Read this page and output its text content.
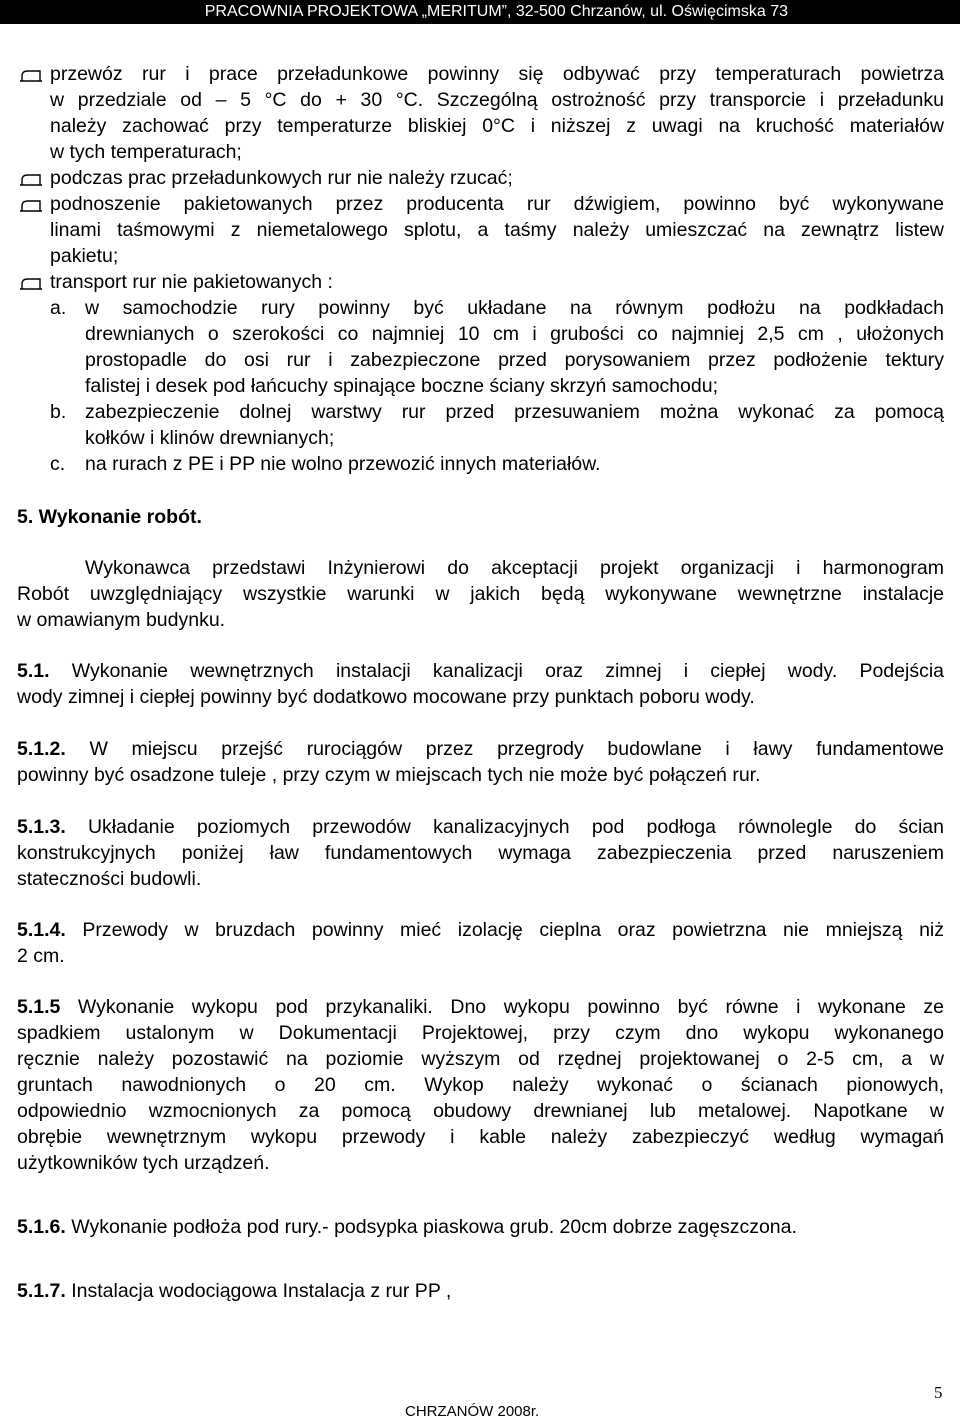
PRACOWNIA PROJEKTOWA „MERITUM”, 32-500 Chrzanów, ul. Oświęcimska 73
przewóz rur i prace przeładunkowe powinny się odbywać przy temperaturach powietrza
w przedziale od – 5 °C do + 30 °C. Szczególną ostrożność przy transporcie i przeładunku
należy zachować przy temperaturze bliskiej 0°C i niższej z uwagi na kruchość materiałów
w tych temperaturach;
podczas prac przeładunkowych rur nie należy rzucać;
podnoszenie pakietowanych przez producenta rur dźwigiem, powinno być wykonywane
linami taśmowymi z niemetalowego splotu, a taśmy należy umieszczać na zewnątrz listew
pakietu;
transport rur nie pakietowanych :
a. w samochodzie rury powinny być układane na równym podłożu na podkładach
drewnianych o szerokości co najmniej 10 cm i grubości co najmniej 2,5 cm , ułożonych
prostopadle do osi rur i zabezpieczone przed porysowaniem przez podłożenie tektury
falistej i desek pod łańcuchy spinające boczne ściany skrzyń samochodu;
b. zabezpieczenie dolnej warstwy rur przed przesuwaniem można wykonać za pomocą
kołków i klinów drewnianych;
c. na rurach z PE i PP nie wolno przewozić innych materiałów.
5. Wykonanie robót.
Wykonawca przedstawi Inżynierowi do akceptacji projekt organizacji i harmonogram
Robót uwzględniający wszystkie warunki w jakich będą wykonywane wewnętrzne instalacje
w omawianym budynku.
5.1. Wykonanie wewnętrznych instalacji kanalizacji oraz zimnej i ciepłej wody. Podejścia
wody zimnej i ciepłej powinny być dodatkowo mocowane przy punktach poboru wody.
5.1.2. W miejscu przejść rurociągów przez przegrody budowlane i ławy fundamentowe
powinny być osadzone tuleje , przy czym w miejscach tych nie może być połączeń rur.
5.1.3. Układanie poziomych przewodów kanalizacyjnych pod podłoga równolegle do ścian
konstrukcyjnych poniżej ław fundamentowych wymaga zabezpieczenia przed naruszeniem
stateczności budowli.
5.1.4. Przewody w bruzdach powinny mieć izolację cieplna oraz powietrzna nie mniejszą niż
2 cm.
5.1.5 Wykonanie wykopu pod przykanaliki. Dno wykopu powinno być równe i wykonane ze
spadkiem ustalonym w Dokumentacji Projektowej, przy czym dno wykopu wykonanego
ręcznie należy pozostawić na poziomie wyższym od rzędnej projektowanej o 2-5 cm, a w
gruntach nawodnionych o 20 cm. Wykop należy wykonać o ścianach pionowych,
odpowiednio wzmocnionych za pomocą obudowy drewnianej lub metalowej. Napotkane w
obrębie wewnętrznym wykopu przewody i kable należy zabezpieczyć według wymagań
użytkowników tych urządzeń.
5.1.6. Wykonanie podłoża pod rury.- podsypka piaskowa grub. 20cm dobrze zagęszczona.
5.1.7. Instalacja wodociągowa Instalacja z rur PP ,
5
CHRZANÓW 2008r.
